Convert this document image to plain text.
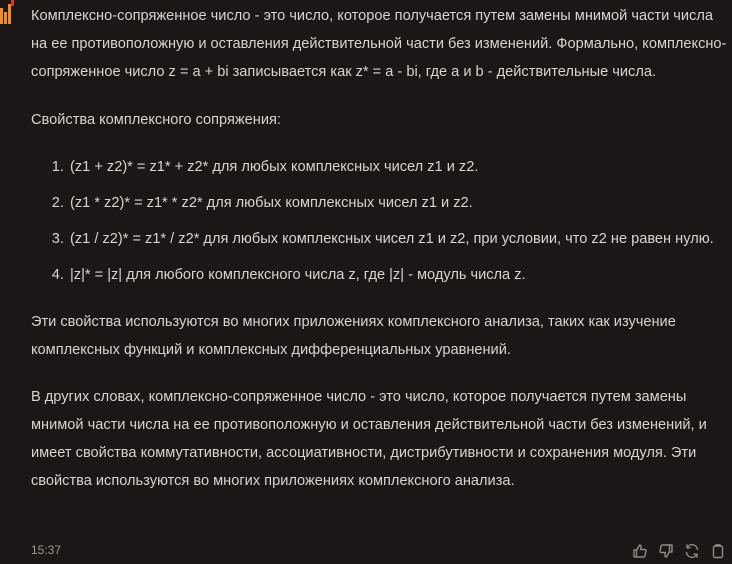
Комплексно-сопряженное число - это число, которое получается путем замены мнимой части числа на ее противоположную и оставления действительной части без изменений. Формально, комплексно-сопряженное число z = a + bi записывается как z* = a - bi, где a и b - действительные числа.

Свойства комплексного сопряжения:

1. (z1 + z2)* = z1* + z2* для любых комплексных чисел z1 и z2.
2. (z1 * z2)* = z1* * z2* для любых комплексных чисел z1 и z2.
3. (z1 / z2)* = z1* / z2* для любых комплексных чисел z1 и z2, при условии, что z2 не равен нулю.
4. |z|* = |z| для любого комплексного числа z, где |z| - модуль числа z.

Эти свойства используются во многих приложениях комплексного анализа, таких как изучение комплексных функций и комплексных дифференциальных уравнений.

В других словах, комплексно-сопряженное число - это число, которое получается путем замены мнимой части числа на ее противоположную и оставления действительной части без изменений, и имеет свойства коммутативности, ассоциативности, дистрибутивности и сохранения модуля. Эти свойства используются во многих приложениях комплексного анализа.

15:37
